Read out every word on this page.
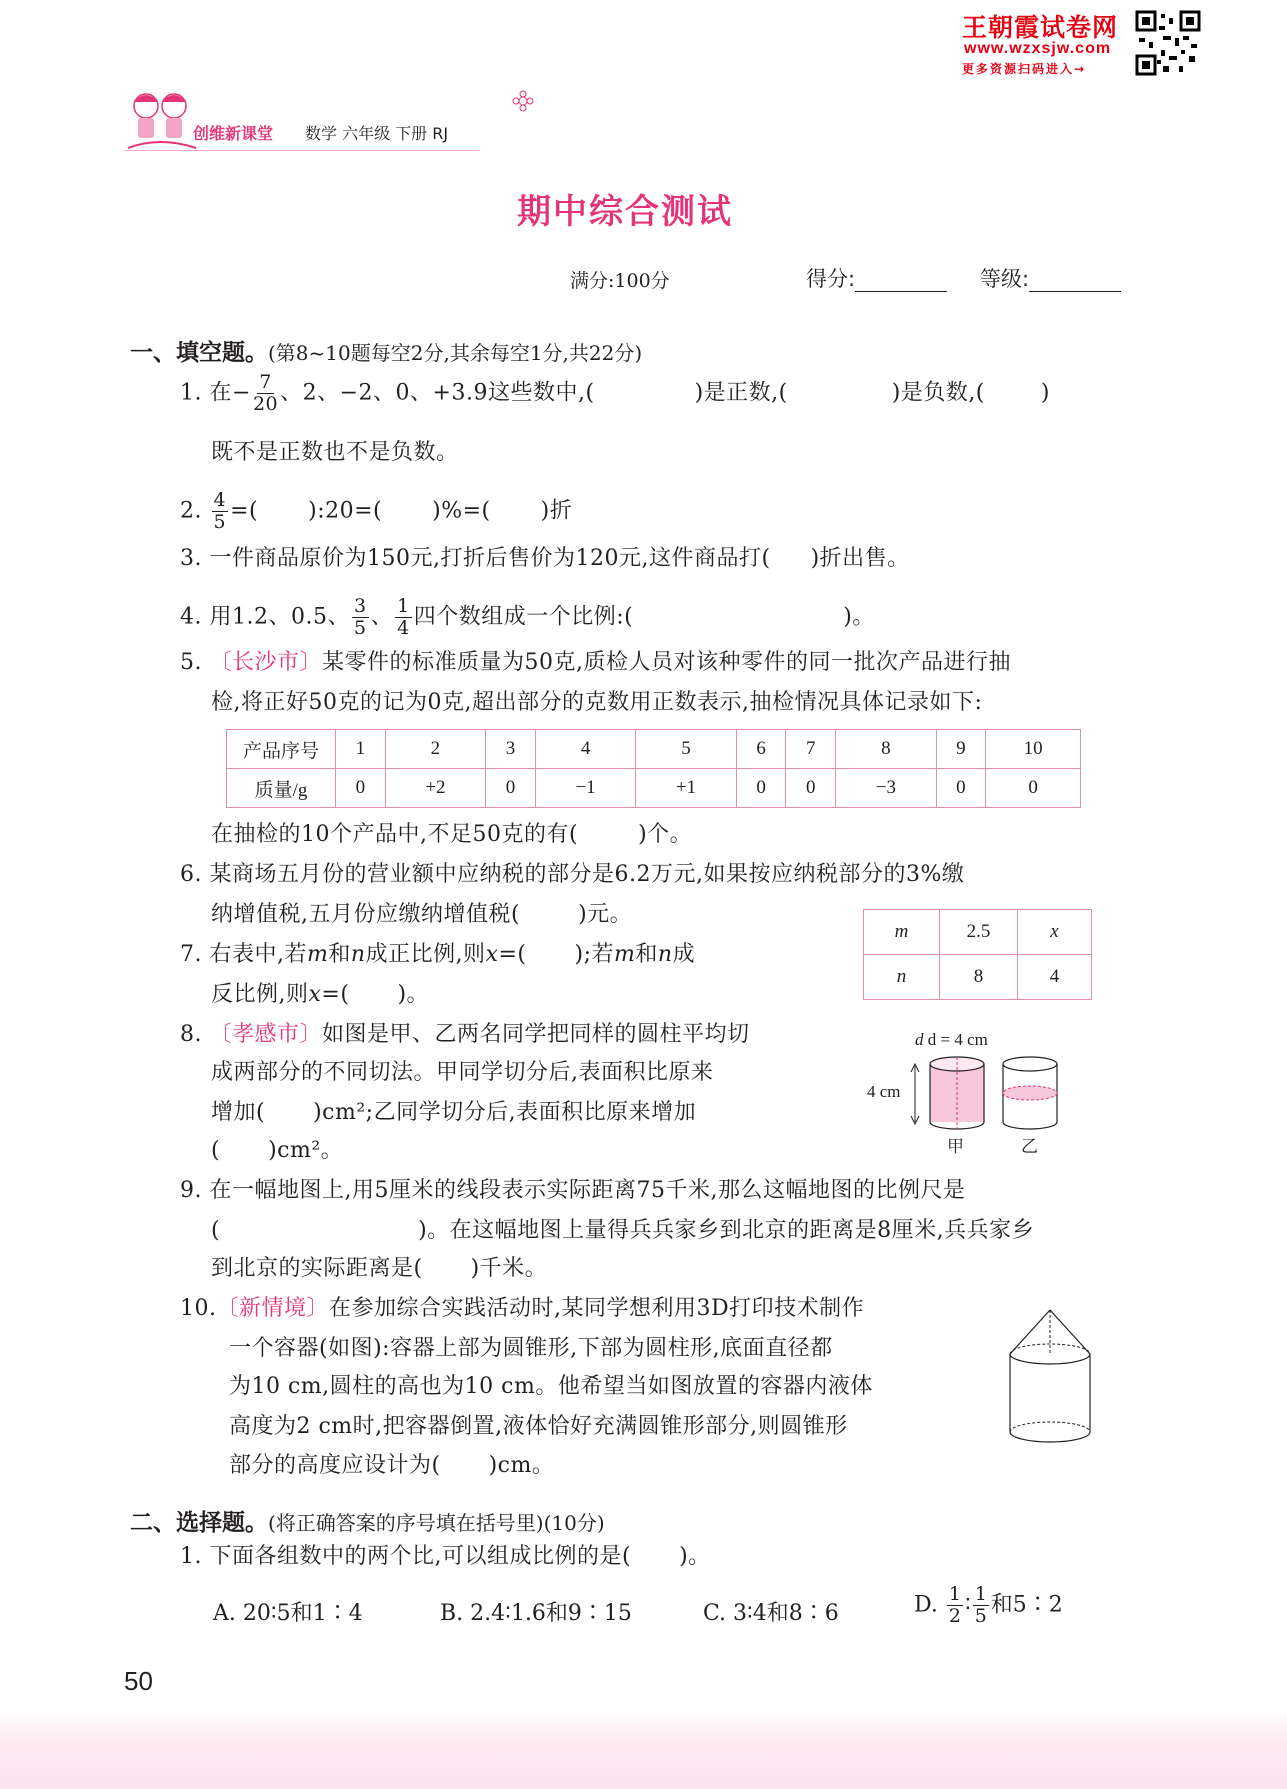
王朝霞试卷网
www.wzxsjw.com
更多资源扫码进入→
创维新课堂 数学 六年级 下册 RJ
期中综合测试
满分:100分	得分:	等级:
一、填空题。(第8~10题每空2分,其余每空1分,共22分)
1. 在− $\frac{7}{20}$ 、2、−2、0、+3.9这些数中,(	)是正数,(	)是负数,(	)
既不是正数也不是负数。
2. $\frac{4}{5}$ =( ):20=( )%=( )折
3. 一件商品原价为150元,打折后售价为120元,这件商品打( )折出售。
4. 用1.2、0.5、 $\frac{3}{5}$ 、 $\frac{1}{4}$ 四个数组成一个比例:(	)。
5. 〔长沙市〕某零件的标准质量为50克,质检人员对该种零件的同一批次产品进行抽
检,将正好50克的记为0克,超出部分的克数用正数表示,抽检情况具体记录如下:
产品序号	1	2	3	4	5	6	7	8	9	10
质量/g	0	+2	0	−1	+1	0	0	−3	0	0
在抽检的10个产品中,不足50克的有(	)个。
6. 某商场五月份的营业额中应纳税的部分是6.2万元,如果按应纳税部分的3%缴
纳增值税,五月份应缴纳增值税(	)元。
m	2.5	x
n	8	4
7. 右表中,若m和n成正比例,则x=( );若m和n成
反比例,则x=( )。
8. 〔孝感市〕如图是甲、乙两名同学把同样的圆柱平均切
成两部分的不同切法。甲同学切分后,表面积比原来
增加( )cm²;乙同学切分后,表面积比原来增加
( )cm²。
d d = 4 cm
4 cm
甲	乙
9. 在一幅地图上,用5厘米的线段表示实际距离75千米,那么这幅地图的比例尺是
(	)。在这幅地图上量得兵兵家乡到北京的距离是8厘米,兵兵家乡
到北京的实际距离是( )千米。
10.〔新情境〕在参加综合实践活动时,某同学想利用3D打印技术制作
一个容器(如图):容器上部为圆锥形,下部为圆柱形,底面直径都
为10 cm,圆柱的高也为10 cm。他希望当如图放置的容器内液体
高度为2 cm时,把容器倒置,液体恰好充满圆锥形部分,则圆锥形
部分的高度应设计为( )cm。
二、选择题。(将正确答案的序号填在括号里)(10分)
1. 下面各组数中的两个比,可以组成比例的是( )。
A. 20∶5和1∶4	B. 2.4∶1.6和9∶15	C. 3∶4和8∶6	D. $\frac{1}{2}$ ∶ $\frac{1}{5}$ 和5∶2
50
